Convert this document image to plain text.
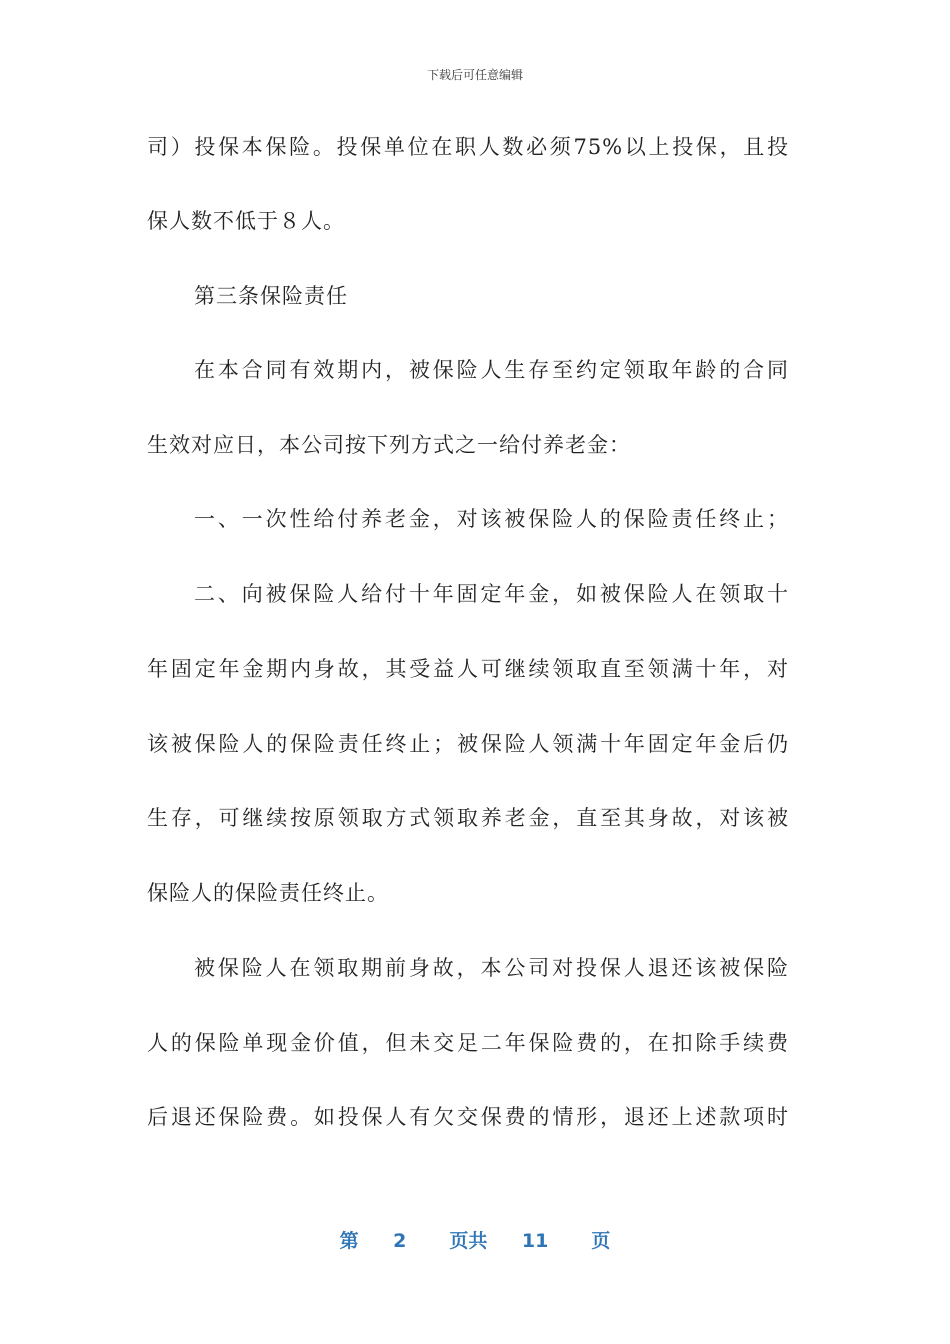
下载后可任意编辑
司）投保本保险。投保单位在职人数必须75%以上投保，且投
保人数不低于８人。
第三条保险责任
在本合同有效期内，被保险人生存至约定领取年龄的合同
生效对应日，本公司按下列方式之一给付养老金：
一、一次性给付养老金，对该被保险人的保险责任终止；
二、向被保险人给付十年固定年金，如被保险人在领取十
年固定年金期内身故，其受益人可继续领取直至领满十年，对
该被保险人的保险责任终止；被保险人领满十年固定年金后仍
生存，可继续按原领取方式领取养老金，直至其身故，对该被
保险人的保险责任终止。
被保险人在领取期前身故，本公司对投保人退还该被保险
人的保险单现金价值，但未交足二年保险费的，在扣除手续费
后退还保险费。如投保人有欠交保费的情形，退还上述款项时
第 2 页共 11 页
